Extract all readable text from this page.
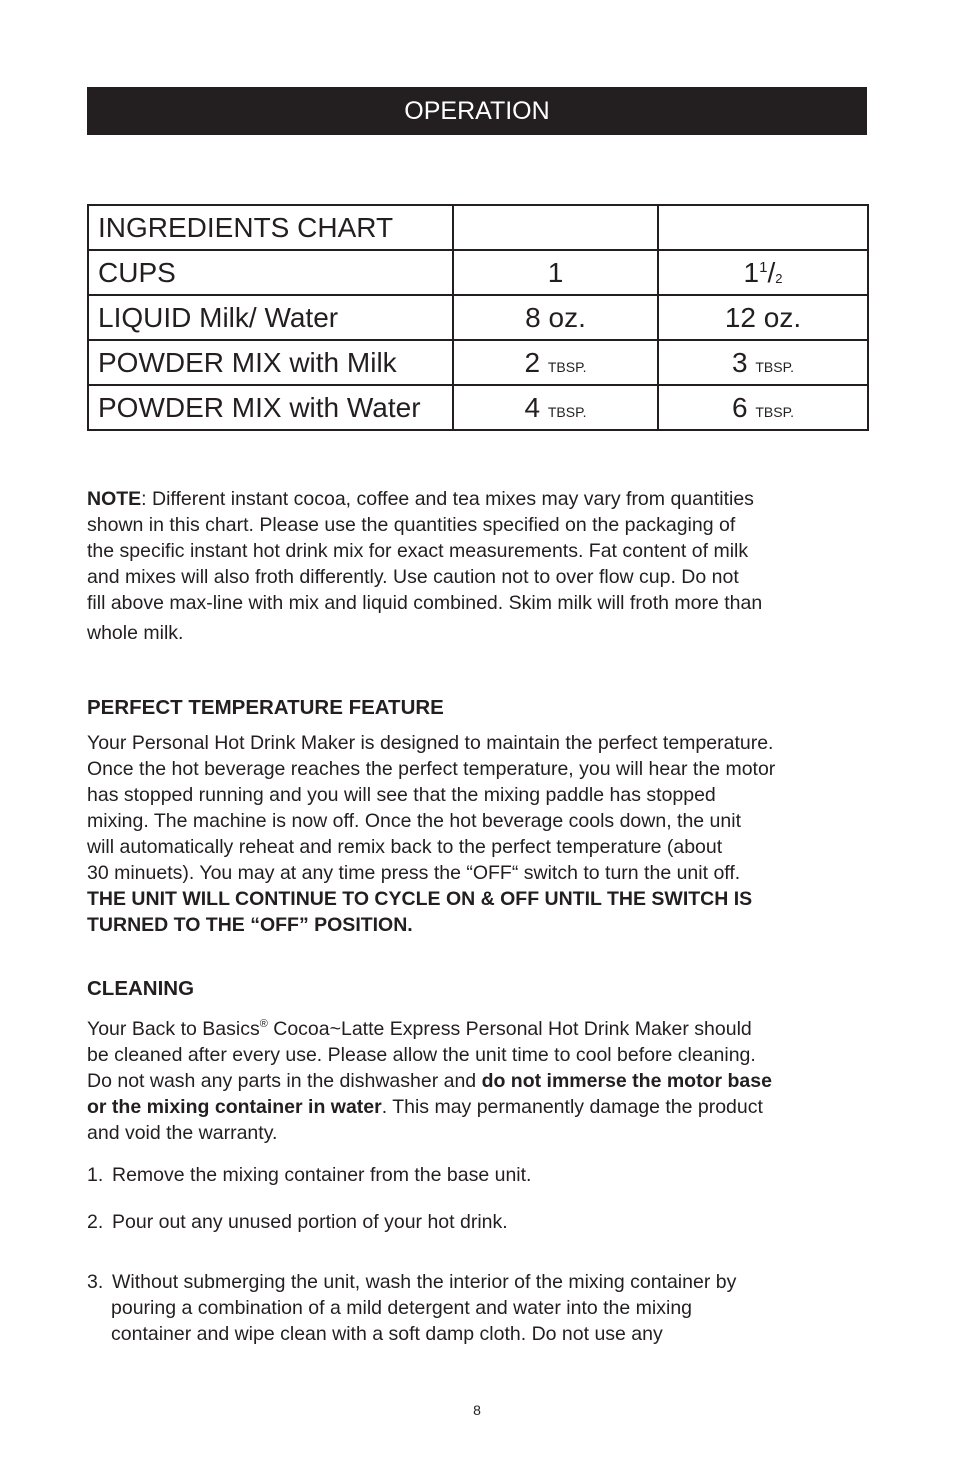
OPERATION
INGREDIENTS CHART		
CUPS	1	$1^1/_2$
LIQUID Milk/ Water	8 oz.	12 oz.
POWDER MIX with Milk	2 TBSP.	3 TBSP.
POWDER MIX with Water	4 TBSP.	6 TBSP.
NOTE: Different instant cocoa, coffee and tea mixes may vary from quantities
shown in this chart. Please use the quantities specified on the packaging of
the specific instant hot drink mix for exact measurements. Fat content of milk
and mixes will also froth differently. Use caution not to over flow cup. Do not
fill above max-line with mix and liquid combined. Skim milk will froth more than
whole milk.
PERFECT TEMPERATURE FEATURE
Your Personal Hot Drink Maker is designed to maintain the perfect temperature.
Once the hot beverage reaches the perfect temperature, you will hear the motor
has stopped running and you will see that the mixing paddle has stopped
mixing. The machine is now off. Once the hot beverage cools down, the unit
will automatically reheat and remix back to the perfect temperature (about
30 minuets). You may at any time press the “OFF“ switch to turn the unit off.
THE UNIT WILL CONTINUE TO CYCLE ON & OFF UNTIL THE SWITCH IS
TURNED TO THE “OFF” POSITION.
CLEANING
Your Back to Basics® Cocoa~Latte Express Personal Hot Drink Maker should
be cleaned after every use. Please allow the unit time to cool before cleaning.
Do not wash any parts in the dishwasher and do not immerse the motor base
or the mixing container in water. This may permanently damage the product
and void the warranty.
1. Remove the mixing container from the base unit.
2. Pour out any unused portion of your hot drink.
3. Without submerging the unit, wash the interior of the mixing container by
pouring a combination of a mild detergent and water into the mixing
container and wipe clean with a soft damp cloth. Do not use any
8
